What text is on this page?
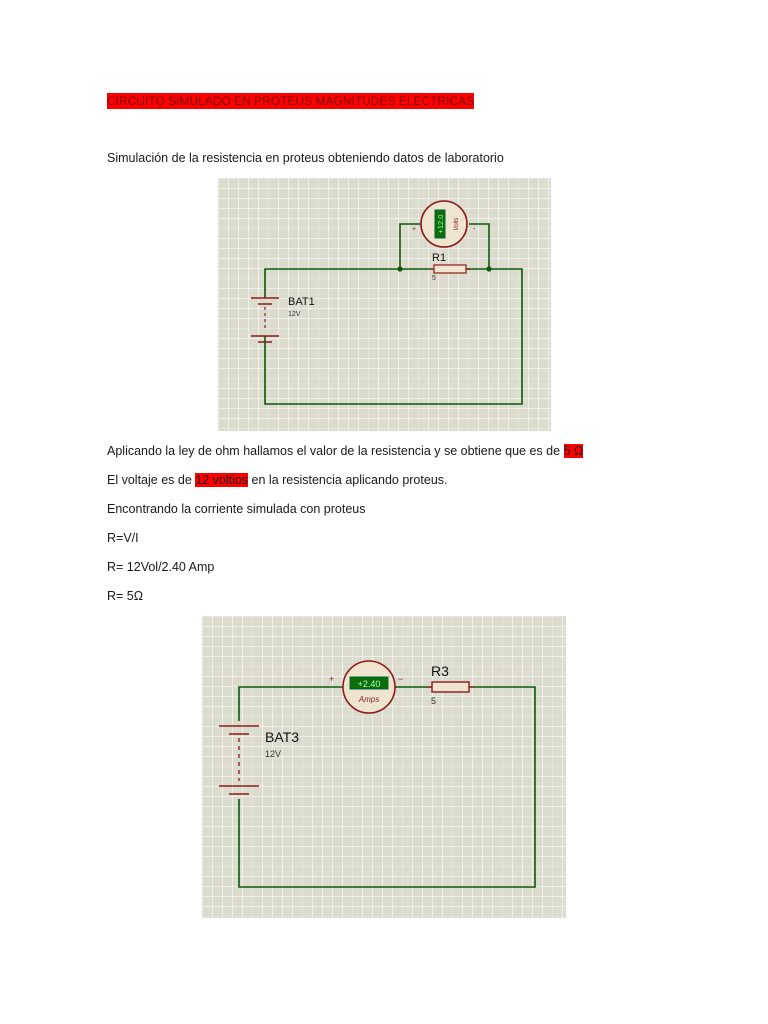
CIRCUITO SIMULADO EN PROTEUS MAGNITUDES ELECTRICAS
Simulación de la resistencia en proteus obteniendo datos de laboratorio
R1
5
BAT1
12V
+12.0 Volts
+	-
Aplicando la ley de ohm hallamos el valor de la resistencia y se obtiene que es de 5 Ω
El voltaje es de 12 voltios en la resistencia aplicando proteus.
Encontrando la corriente simulada con proteus
R=V/I
R= 12Vol/2.40 Amp
R= 5Ω
+2.40
Amps
+	− R3
5
BAT3
12V
